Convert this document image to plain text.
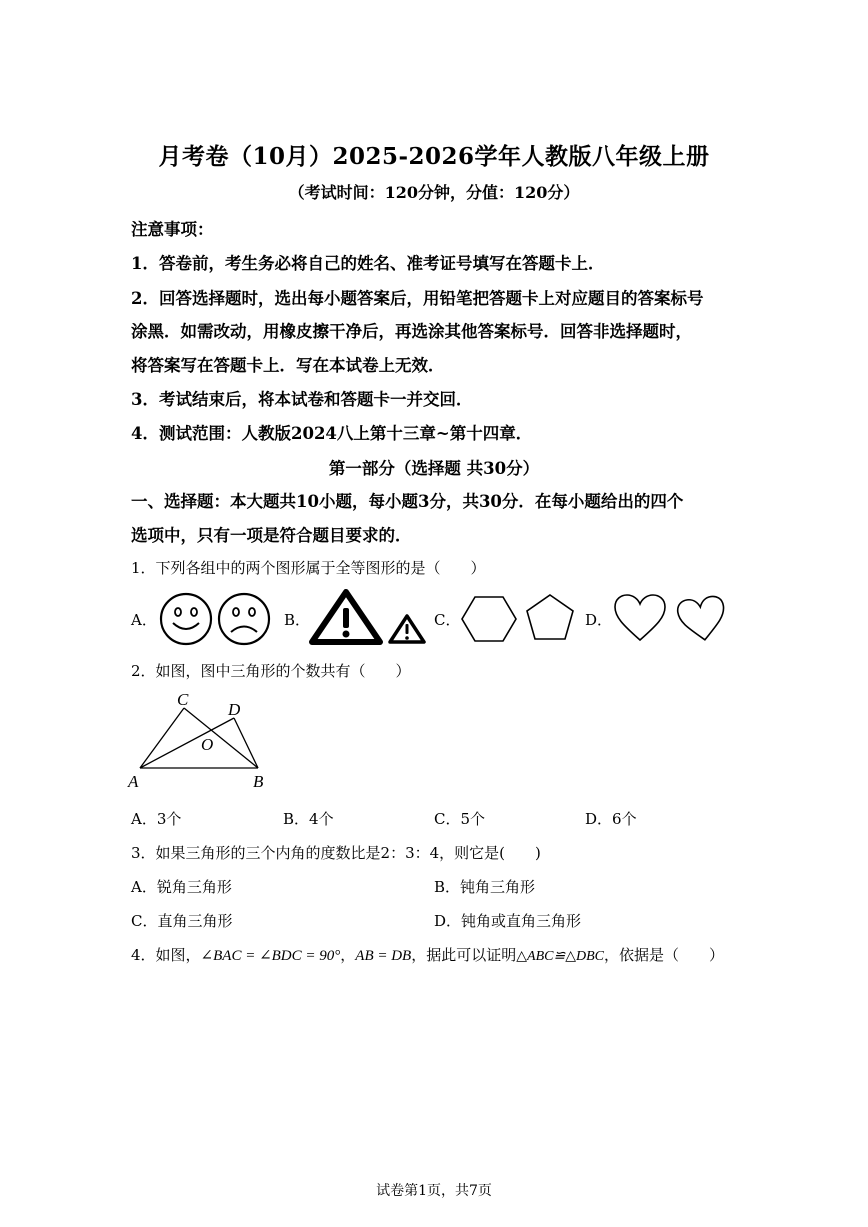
月考卷（10月）2025-2026学年人教版八年级上册
（考试时间：120分钟，分值：120分）
注意事项：
1．答卷前，考生务必将自己的姓名、准考证号填写在答题卡上．
2．回答选择题时，选出每小题答案后，用铅笔把答题卡上对应题目的答案标号
涂黑．如需改动，用橡皮擦干净后，再选涂其他答案标号．回答非选择题时，
将答案写在答题卡上．写在本试卷上无效．
3．考试结束后，将本试卷和答题卡一并交回．
4．测试范围：人教版2024八上第十三章~第十四章．
第一部分（选择题 共30分）
一、选择题：本大题共10小题，每小题3分，共30分．在每小题给出的四个
选项中，只有一项是符合题目要求的．
1．下列各组中的两个图形属于全等图形的是（　　）
A．	B．	C．	D．
2．如图，图中三角形的个数共有（　　）
A	B
C
D
O
A．3个	B．4个	C．5个	D．6个
3．如果三角形的三个内角的度数比是2：3：4，则它是(　　)
A．锐角三角形	B．钝角三角形
C．直角三角形	D．钝角或直角三角形
4．如图，∠BAC = ∠BDC = 90°，AB = DB，据此可以证明△ABC≌△DBC，依据是（　　）
试卷第1页，共7页
